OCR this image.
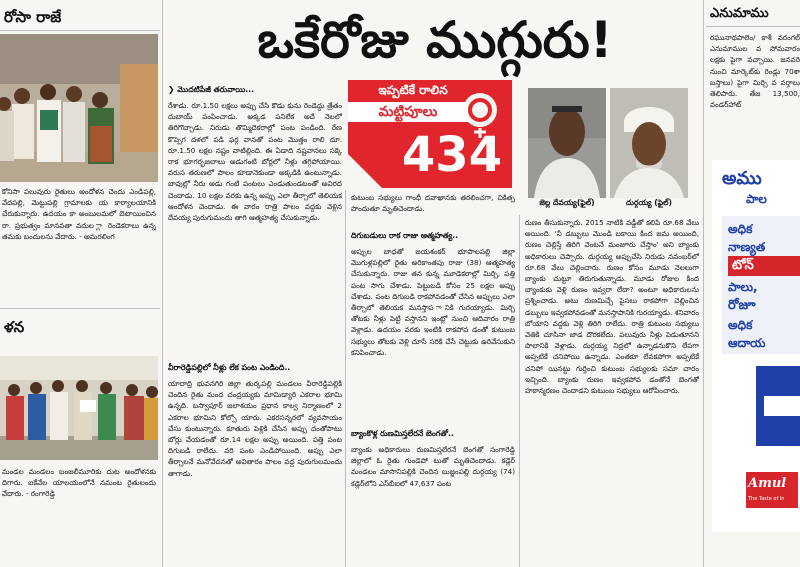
రోసా రాజే
కోనిసా పలువురు రైతులు అందోళన చెందు ఎండిపల్లి, వేదపల్లి, మెట్టుపల్లి గ్రామాలకు య కార్యాలయానికి చేరుకున్నారు. ఉదయం కా అంబులమలో బెటాయించిన రా. ప్రభుత్వం మానవతా వదుల ్లా రెండెకరాలు ఉన్న తమకు బందులను వేదారు. - అమరలింగ
ళన
మండల మండలం బంజలీమూరికు దుట అందోళనకు దిగారు. ఐకేవేల యాలయంలోనే నమంట రైతులందు వేదారు. - రంగారెడ్డి
ఒకేరోజు ముగ్గురు!
ఇప్పటికే రాలిన
మట్టిపూలు
434
జెల్ల దేవయ్య(ఫైల్)	దుర్గయ్య (ఫైల్)
❯ మొదటిపేజీ తరువాయి...
రేశాడు. రూ.1.50 లక్షలు అప్పు చేసి కొడు కును రెండెద్దు త్రేతం దుబాయ్ పంపించాడు. అక్కడ పనిలేక అదే నెలలో తిరిగొచ్చాడు. నిరుడు తొమ్మిదెకరాల్లో పంట పండింది. రేణ కొప్పెగ దళలో పడి ఫర్గ వానతో పంట మొత్తం రాలి దూ. రూ.1.50 లక్షల నష్టం వాటిల్లింది. ఈ ఏడాది నష్టవానలు సక్కె రాక భూగర్భజలాలు అడుగంటి బోర్లలో నీళ్లు తగ్గిపోయాయి. వరుస తరుణలో పాలం కూడానెకుండా అక్కడికి ఉంటున్నాడు. బావుల్లో నీరు అడు గంటి పంటలు ఎండుతుండటంతో అవిరద చెందాడు. 10 లక్షల వరకు ఉన్న అప్పు ఎలా తీర్చాలో తెలియక ఆందోళన చెందాడు. ఈ వారం రాత్రి పాలం వద్దకు వెళ్లిన దేవయ్య పురుగుమందు తాగి ఆత్మహత్య చేసుకున్నాడు.
వీరారెడ్డిపల్లిలో నీళ్లు లేక పంట ఎండింది..
యాదాద్రి భువనగిరి జిల్లా తుర్కపల్లి మండలం వీరారెడ్డిపల్లికి చెందిన రైతు మంద చంద్రయ్యకు మామిడ్యారి ఎకరాల భూమి ఉన్నది. బస్వాపూర్ జలాశయం ప్రధాన కాల్వ నిర్మాణంలో 2 ఎకరాల భూమిని కోల్పో యారు. ఎకరసన్నరలో వ్యవసాయం చేసు కుంటున్నారు. కూతురు పెళ్లికి చేసిన అప్పు దంతోపాటు బోర్లు వేయడంతో రూ.14 లక్షల అప్పు అయింది. పత్తి పంట దిగుబడి రాలేదు. వరి పంట ఎండిపోయింది. అప్పు ఎలా తీర్చాలనే మనోవేదనతో అవితారం పాలం వద్ద పురుగులమందు తాగాడు.
కుటుంబ సభ్యులు గాంధీ దవాఖానకు తరలించగా, చికిత్స పొందుతూ మృతిచెందాడు.
దిగుబడులు రాక రాజు ఆత్మహత్య..
అప్పుల బాధతో జయశంకర్ భూపాలపల్లి జిల్లా మొగుళ్లపల్లిలో రైతు అరికాంతపు రాజు (38) ఆత్మహత్య చేసుకున్నారు. రాజు తన కున్న మూడెకరాల్లో మిర్చి, పత్తి పంట సాగు చేశాడు. పెట్టుబడి కోసం 25 లక్షల అప్పు చేశాడు. పంట దిగుబడి రాకపోవడంతో చేసిన అప్పులు ఎలా తీర్చాలో తెలియక మనస్తాప ానికి గురయ్యాడు. మిర్చి తోటకు నీళ్లు పెట్టి వస్తానని ఇంట్లో నుంచి ఆదివారం రాత్రి వెళ్లాడు. ఉదయం వరకు ఇంటికి రాకపోవ డంతో కుటుంబ సభ్యులు తోటకు వెళ్లి చూసే సరికి చేసే చెట్టుకు ఉరివేసుకుని కనిపించాడు.
బ్యాంకొళ్ల రుణమిస్తలేరనే బెంగతో..
బ్యాంకు అధికారులు రుణమిస్తలేరనే బెంగతో సంగారెడ్డి జిల్లాలో ఓ రైతు గుండెపో టుతో మృతిచెందాడు. కడ్లెర్ మండలం మాసానిపల్లికి చెందిన బుజ్జంపల్లి దుర్గయ్య (74) కడ్లెర్‌లోని ఎస్‌బీఐలో 47,637 పంట
రుణం తీసుకున్నారు. 2015 నాటికి వడ్డీతో కలిపి రూ.68 వేలు అయింది. 'నీ డబ్బులు మొండి బకాయి కింద జమ అయింది, రుణం చెల్లిస్తే తిరిగి వెంటనే మంజూరు చేస్తాం' అని బ్యాంకు అధికారులు చెప్పారు. దుర్గయ్య అప్పుచేసి నిరుడు నవంబర్‌లో రూ.68 వేలు చెల్లించారు. రుణం కోసం మూడు నెలలుగా బ్యాంకు చుట్టూ తిరుగుతున్నాడు. మూడు రోజుల కింద బ్యాంకుకు వెళ్లి రుణం ఇవ్వరా లేదా? అంటూ అధికారులను ప్రశ్నించాడు. అటు రుణమిచ్చే పైసలు రాకపోగా చెల్లించిన డబ్బులు ఇవ్వకపోవడంతో మనస్తాపానికి గురయ్యాడు. శనివారం బోయాని వద్దకు వెళ్లి తిరిగి రాలేదు. రాత్రి కుటుంబ సభ్యులు వెతికి చూసినా జాడ దొరకలేదు. పలువురు నీళ్లు పెడుతూనని పొలానికి వెళ్లాడు. దుర్గయ్య నిద్రలో ఉన్నాడనుకొని లేపగా అప్పటికే చనిపోయి ఉన్నాడు. ఎంతకూ లేవకపోగా అప్పటికే చనిపో యినట్టు గుర్తించి కుటుంబ సభ్యులకు సమా చారం ఇచ్చింది. బ్యాంకు రుణం ఇవ్వకపోవ డంతోనే బెంగతో హఠాన్మరణం చెందాడని కుటుంబ సభ్యులు ఆరోపించారు.
ఎనుమాము
రఘునాథపాలెం/ కాశీ వరంగల్ ఎనుమాముల వ సోమవారం లక్షకు పైగా వచ్చాయి. జనవరి నుంచి మార్కెట్‌కు రెండ్లు 70శా బస్తాలు) పైగా మిర్చి వ వర్తాలు తెలిపారు. తేజ 13,500, వండర్‌హాట్
అము
పాల
అధిక
నాణ్యత
టోన్
పాలు,
రోజూ
అధిక
ఆదాయ
Amul
The Taste of In
